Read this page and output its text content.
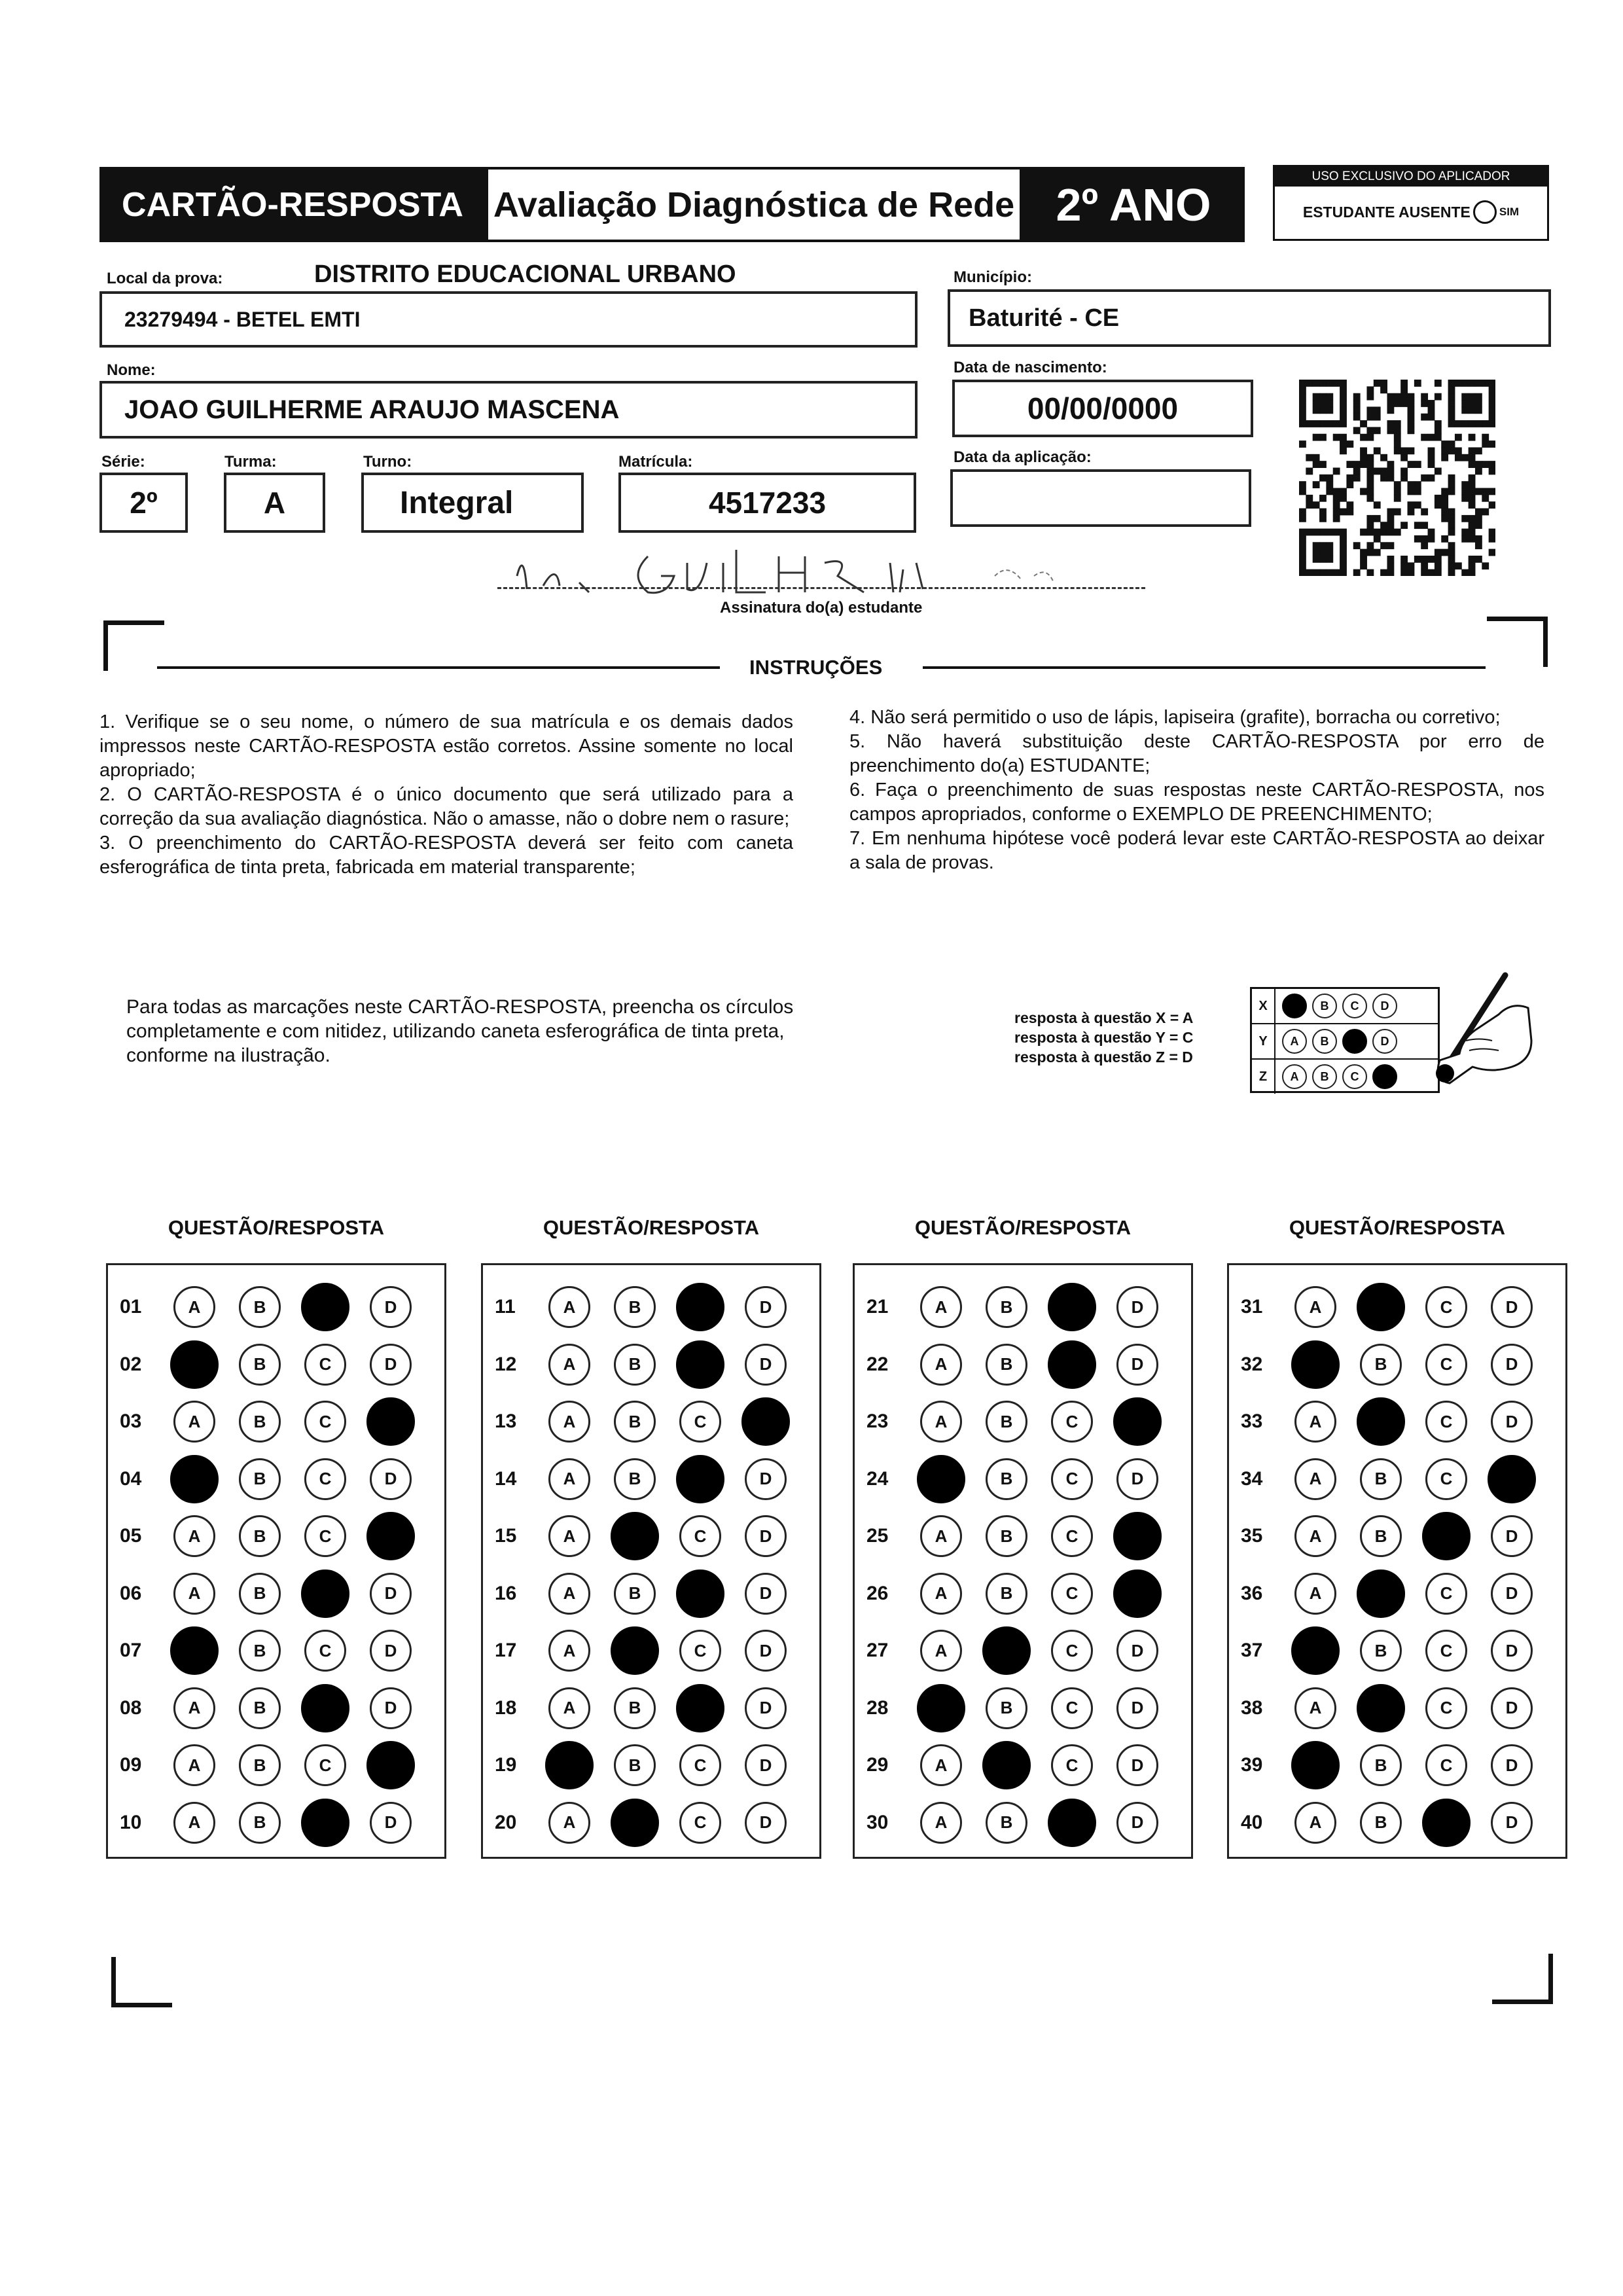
CARTÃO-RESPOSTA Avaliação Diagnóstica de Rede 2º ANO
USO EXCLUSIVO DO APLICADOR
ESTUDANTE AUSENTE	SIM
Local da prova:	DISTRITO EDUCACIONAL URBANO
23279494 - BETEL EMTI
Município:
Baturité - CE
Nome:
JOAO GUILHERME ARAUJO MASCENA
Data de nascimento:
00/00/0000
Série:
2º
Turma:
A
Turno:
Integral
Matrícula:
4517233
Data da aplicação:
Assinatura do(a) estudante
INSTRUÇÕES
1. Verifique se o seu nome, o número de sua matrícula e os demais dados impressos neste CARTÃO-RESPOSTA estão corretos. Assine somente no local apropriado;
2. O CARTÃO-RESPOSTA é o único documento que será utilizado para a correção da sua avaliação diagnóstica. Não o amasse, não o dobre nem o rasure;
3. O preenchimento do CARTÃO-RESPOSTA deverá ser feito com caneta esferográfica de tinta preta, fabricada em material transparente;
4. Não será permitido o uso de lápis, lapiseira (grafite), borracha ou corretivo;
5. Não haverá substituição deste CARTÃO-RESPOSTA por erro de preenchimento do(a) ESTUDANTE;
6. Faça o preenchimento de suas respostas neste CARTÃO-RESPOSTA, nos campos apropriados, conforme o EXEMPLO DE PREENCHIMENTO;
7. Em nenhuma hipótese você poderá levar este CARTÃO-RESPOSTA ao deixar a sala de provas.
Para todas as marcações neste CARTÃO-RESPOSTA, preencha os círculos completamente e com nitidez, utilizando caneta esferográfica de tinta preta, conforme na ilustração.
resposta à questão X = A
resposta à questão Y = C
resposta à questão Z = D
X	B	C	D
Y	A	B	D
Z	A	B	C
QUESTÃO/RESPOSTA
01	A	B	C	D
02	A	B	C	D
03	A	B	C	D
04	A	B	C	D
05	A	B	C	D
06	A	B	C	D
07	A	B	C	D
08	A	B	C	D
09	A	B	C	D
10	A	B	C	D
QUESTÃO/RESPOSTA
11	A	B	C	D
12	A	B	C	D
13	A	B	C	D
14	A	B	C	D
15	A	B	C	D
16	A	B	C	D
17	A	B	C	D
18	A	B	C	D
19	A	B	C	D
20	A	B	C	D
QUESTÃO/RESPOSTA
21	A	B	C	D
22	A	B	C	D
23	A	B	C	D
24	A	B	C	D
25	A	B	C	D
26	A	B	C	D
27	A	B	C	D
28	A	B	C	D
29	A	B	C	D
30	A	B	C	D
QUESTÃO/RESPOSTA
31	A	B	C	D
32	A	B	C	D
33	A	B	C	D
34	A	B	C	D
35	A	B	C	D
36	A	B	C	D
37	A	B	C	D
38	A	B	C	D
39	A	B	C	D
40	A	B	C	D
